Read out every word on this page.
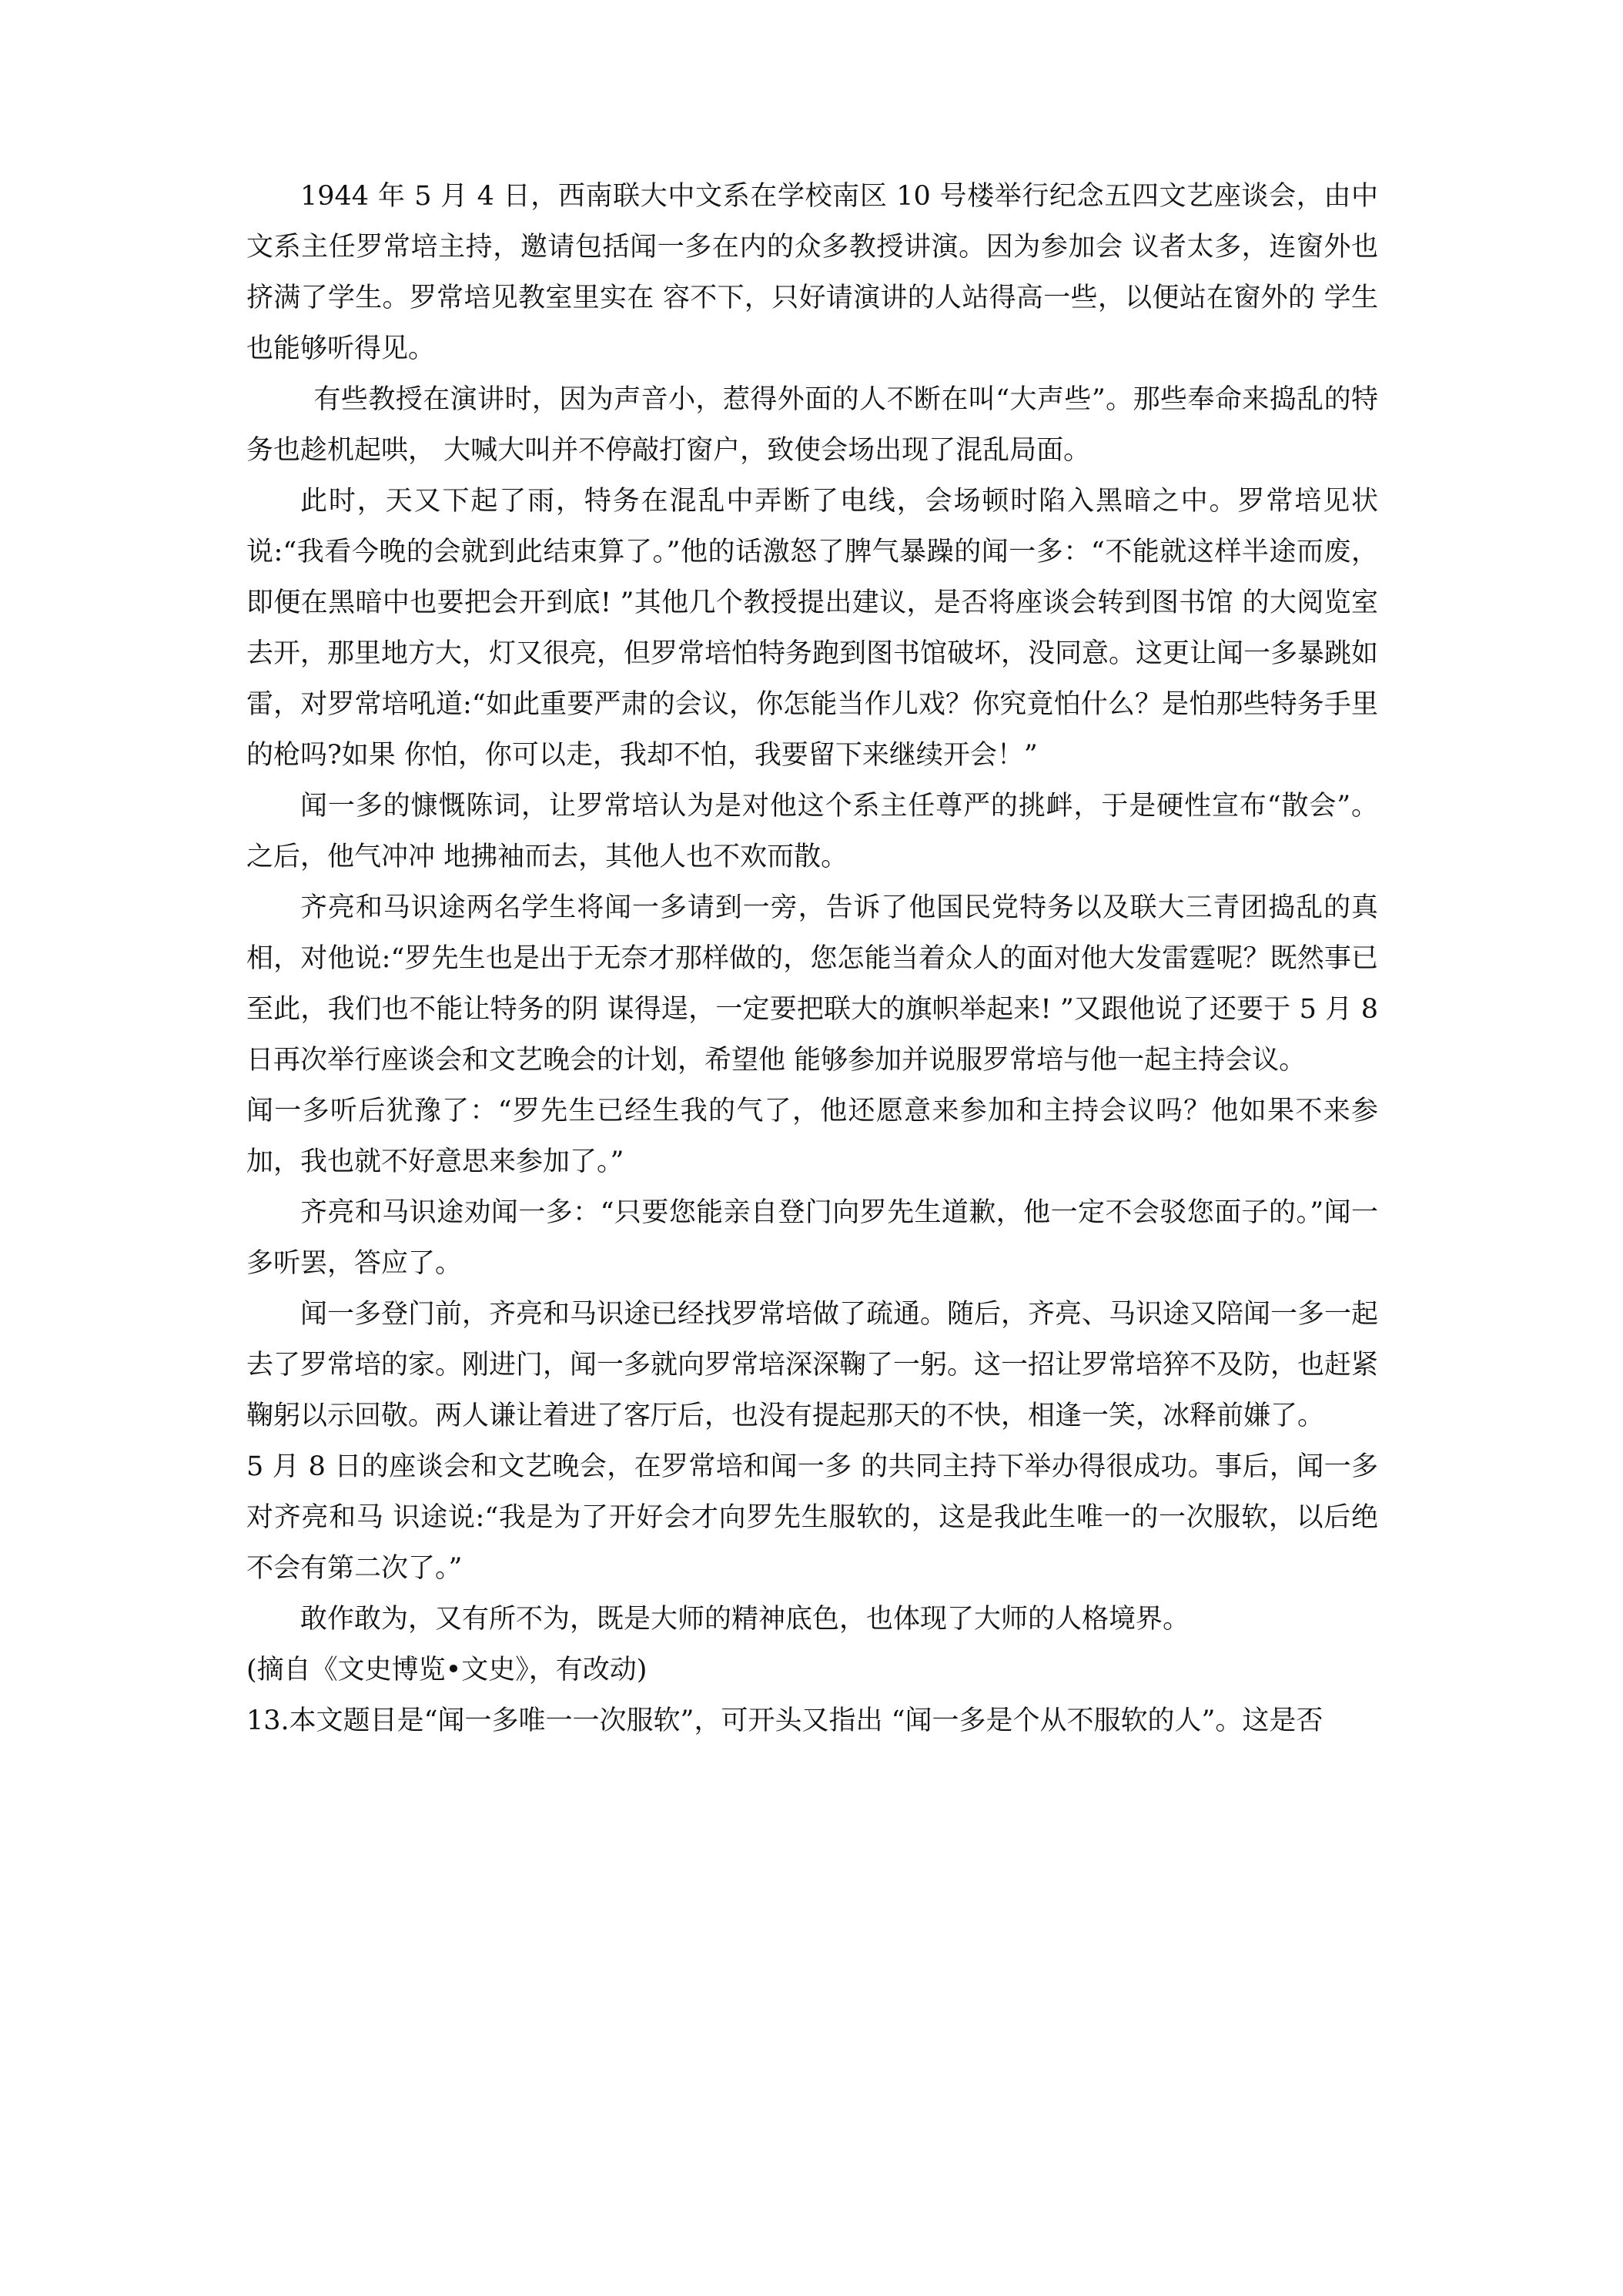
1944 年 5 月 4 日，西南联大中文系在学校南区 10 号楼举行纪念五四文艺座谈会，由中文系主任罗常培主持，邀请包括闻一多在内的众多教授讲演。因为参加会 议者太多，连窗外也挤满了学生。罗常培见教室里实在 容不下，只好请演讲的人站得高一些，以便站在窗外的 学生也能够听得见。

有些教授在演讲时，因为声音小，惹得外面的人不断在叫“大声些”。那些奉命来捣乱的特务也趁机起哄， 大喊大叫并不停敲打窗户，致使会场出现了混乱局面。

此时，天又下起了雨，特务在混乱中弄断了电线，会场顿时陷入黑暗之中。罗常培见状说:“我看今晚的会就到此结束算了。”他的话激怒了脾气暴躁的闻一多：“不能就这样半途而废，即便在黑暗中也要把会开到底! ”其他几个教授提出建议，是否将座谈会转到图书馆 的大阅览室去开，那里地方大，灯又很亮，但罗常培怕特务跑到图书馆破坏，没同意。这更让闻一多暴跳如雷，对罗常培吼道:“如此重要严肃的会议，你怎能当作儿戏？你究竟怕什么？是怕那些特务手里的枪吗?如果 你怕，你可以走，我却不怕，我要留下来继续开会！”

闻一多的慷慨陈词，让罗常培认为是对他这个系主任尊严的挑衅，于是硬性宣布“散会”。之后，他气冲冲 地拂袖而去，其他人也不欢而散。

齐亮和马识途两名学生将闻一多请到一旁，告诉了他国民党特务以及联大三青团捣乱的真相，对他说:“罗先生也是出于无奈才那样做的，您怎能当着众人的面对他大发雷霆呢？既然事已至此，我们也不能让特务的阴 谋得逞，一定要把联大的旗帜举起来! ”又跟他说了还要于 5 月 8 日再次举行座谈会和文艺晚会的计划，希望他 能够参加并说服罗常培与他一起主持会议。

闻一多听后犹豫了：“罗先生已经生我的气了，他还愿意来参加和主持会议吗？他如果不来参加，我也就不好意思来参加了。”

齐亮和马识途劝闻一多：“只要您能亲自登门向罗先生道歉，他一定不会驳您面子的。”闻一多听罢，答应了。

闻一多登门前，齐亮和马识途已经找罗常培做了疏通。随后，齐亮、马识途又陪闻一多一起去了罗常培的家。刚进门，闻一多就向罗常培深深鞠了一躬。这一招让罗常培猝不及防，也赶紧鞠躬以示回敬。两人谦让着进了客厅后，也没有提起那天的不快，相逢一笑，冰释前嫌了。

5 月 8 日的座谈会和文艺晚会，在罗常培和闻一多 的共同主持下举办得很成功。事后，闻一多对齐亮和马 识途说:“我是为了开好会才向罗先生服软的，这是我此生唯一的一次服软，以后绝不会有第二次了。”

敢作敢为，又有所不为，既是大师的精神底色，也体现了大师的人格境界。

(摘自《文史博览•文史》，有改动)

13.本文题目是“闻一多唯一一次服软”，可开头又指出 “闻一多是个从不服软的人”。这是否
